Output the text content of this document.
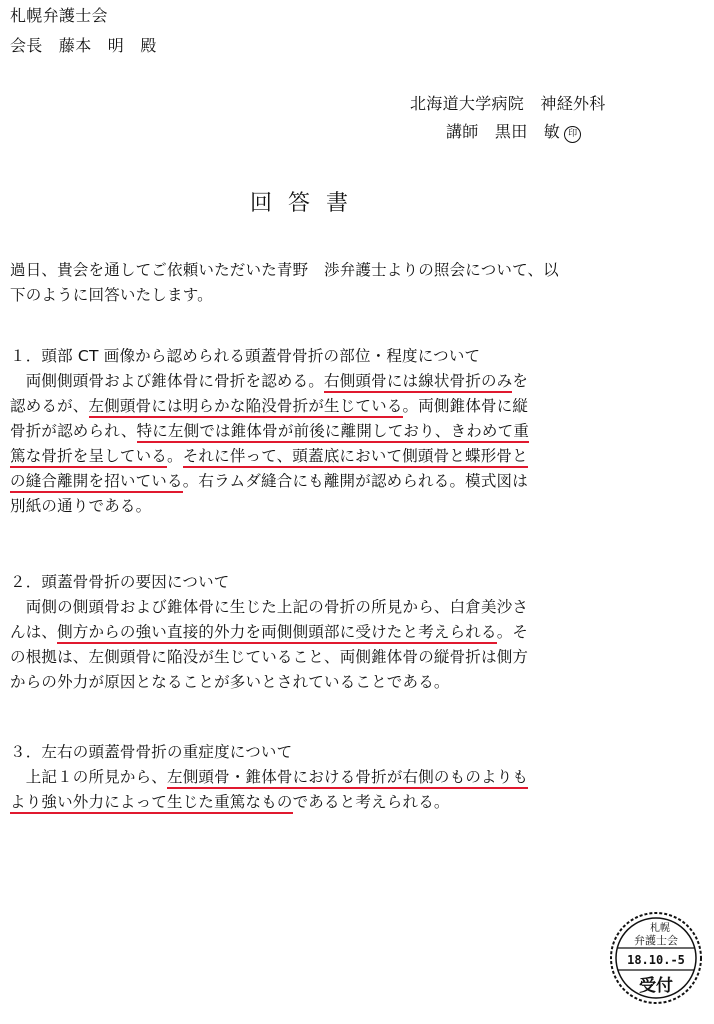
札幌弁護士会
会長　藤本　明　殿
北海道大学病院　神経外科
講師　黒田　敏 印
回答書
過日、貴会を通してご依頼いただいた青野　渉弁護士よりの照会について、以
下のように回答いたします。
１．頭部 CT 画像から認められる頭蓋骨骨折の部位・程度について
　両側側頭骨および錐体骨に骨折を認める。右側頭骨には線状骨折のみを
認めるが、左側頭骨には明らかな陥没骨折が生じている。両側錐体骨に縦
骨折が認められ、特に左側では錐体骨が前後に離開しており、きわめて重
篤な骨折を呈している。それに伴って、頭蓋底において側頭骨と蝶形骨と
の縫合離開を招いている。右ラムダ縫合にも離開が認められる。模式図は
別紙の通りである。
２．頭蓋骨骨折の要因について
　両側の側頭骨および錐体骨に生じた上記の骨折の所見から、白倉美沙さ
んは、側方からの強い直接的外力を両側側頭部に受けたと考えられる。そ
の根拠は、左側頭骨に陥没が生じていること、両側錐体骨の縦骨折は側方
からの外力が原因となることが多いとされていることである。
３．左右の頭蓋骨骨折の重症度について
　上記１の所見から、左側頭骨・錐体骨における骨折が右側のものよりも
より強い外力によって生じた重篤なものであると考えられる。
札幌
弁護士会
18.10.-5
受付
